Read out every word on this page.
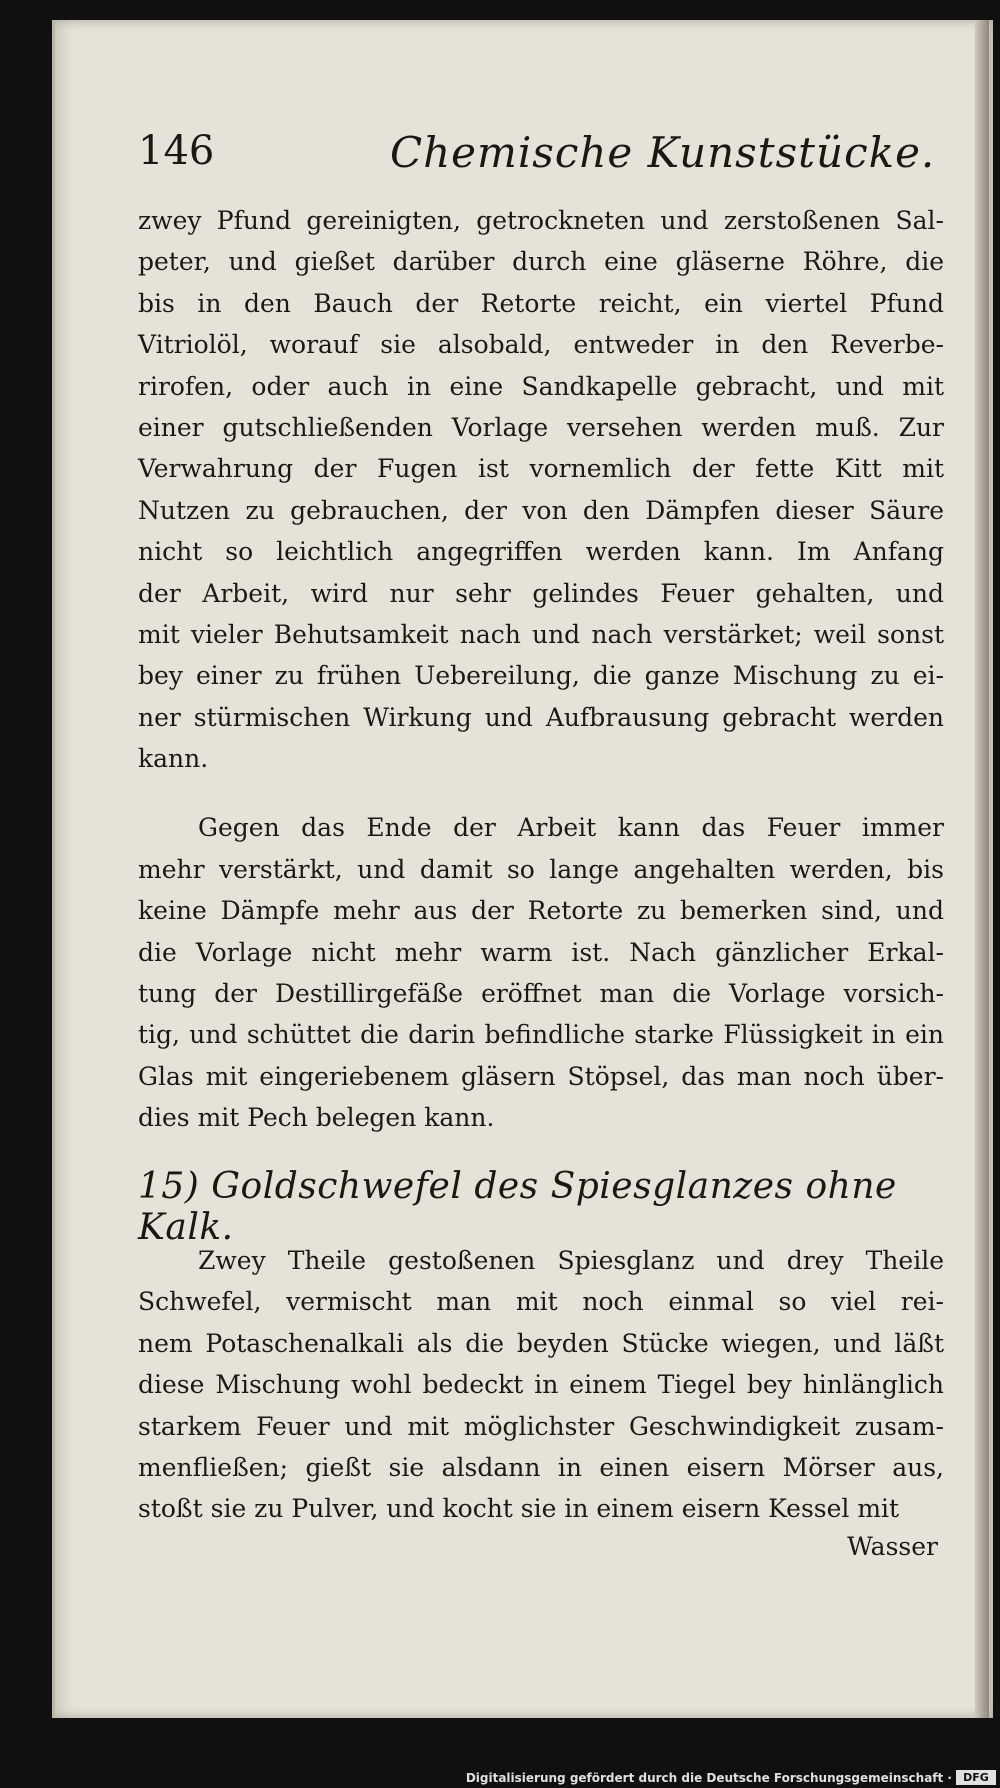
146	Chemische Kunststücke.
zwey Pfund gereinigten, getrockneten und zerstoßenen Sal-
peter, und gießet darüber durch eine gläserne Röhre, die
bis in den Bauch der Retorte reicht, ein viertel Pfund
Vitriolöl, worauf sie alsobald, entweder in den Reverbe-
rirofen, oder auch in eine Sandkapelle gebracht, und mit
einer gutschließenden Vorlage versehen werden muß. Zur
Verwahrung der Fugen ist vornemlich der fette Kitt mit
Nutzen zu gebrauchen, der von den Dämpfen dieser Säure
nicht so leichtlich angegriffen werden kann. Im Anfang
der Arbeit, wird nur sehr gelindes Feuer gehalten, und
mit vieler Behutsamkeit nach und nach verstärket; weil sonst
bey einer zu frühen Uebereilung, die ganze Mischung zu ei-
ner stürmischen Wirkung und Aufbrausung gebracht werden
kann.
Gegen das Ende der Arbeit kann das Feuer immer
mehr verstärkt, und damit so lange angehalten werden, bis
keine Dämpfe mehr aus der Retorte zu bemerken sind, und
die Vorlage nicht mehr warm ist. Nach gänzlicher Erkal-
tung der Destillirgefäße eröffnet man die Vorlage vorsich-
tig, und schüttet die darin befindliche starke Flüssigkeit in ein
Glas mit eingeriebenem gläsern Stöpsel, das man noch über-
dies mit Pech belegen kann.
15) Goldschwefel des Spiesglanzes ohne Kalk.
Zwey Theile gestoßenen Spiesglanz und drey Theile
Schwefel, vermischt man mit noch einmal so viel rei-
nem Potaschenalkali als die beyden Stücke wiegen, und läßt
diese Mischung wohl bedeckt in einem Tiegel bey hinlänglich
starkem Feuer und mit möglichster Geschwindigkeit zusam-
menfließen; gießt sie alsdann in einen eisern Mörser aus,
stoßt sie zu Pulver, und kocht sie in einem eisern Kessel mit
Wasser
Digitalisierung gefördert durch die Deutsche Forschungsgemeinschaft ·	DFG
